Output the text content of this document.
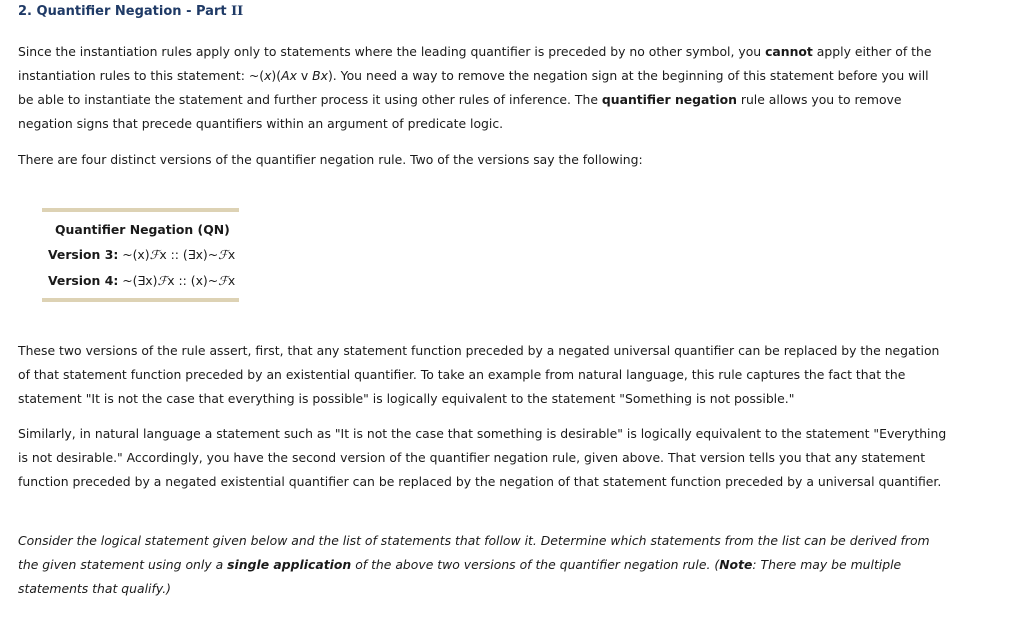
2. Quantifier Negation - Part II

Since the instantiation rules apply only to statements where the leading quantifier is preceded by no other symbol, you cannot apply either of the instantiation rules to this statement: ~(x)(Ax v Bx). You need a way to remove the negation sign at the beginning of this statement before you will be able to instantiate the statement and further process it using other rules of inference. The quantifier negation rule allows you to remove negation signs that precede quantifiers within an argument of predicate logic.

There are four distinct versions of the quantifier negation rule. Two of the versions say the following:

Quantifier Negation (QN)
Version 3: ~(x)ℱx :: (∃x)~ℱx
Version 4: ~(∃x)ℱx :: (x)~ℱx

These two versions of the rule assert, first, that any statement function preceded by a negated universal quantifier can be replaced by the negation of that statement function preceded by an existential quantifier. To take an example from natural language, this rule captures the fact that the statement "It is not the case that everything is possible" is logically equivalent to the statement "Something is not possible."

Similarly, in natural language a statement such as "It is not the case that something is desirable" is logically equivalent to the statement "Everything is not desirable." Accordingly, you have the second version of the quantifier negation rule, given above. That version tells you that any statement function preceded by a negated existential quantifier can be replaced by the negation of that statement function preceded by a universal quantifier.

Consider the logical statement given below and the list of statements that follow it. Determine which statements from the list can be derived from the given statement using only a single application of the above two versions of the quantifier negation rule. (Note: There may be multiple statements that qualify.)
